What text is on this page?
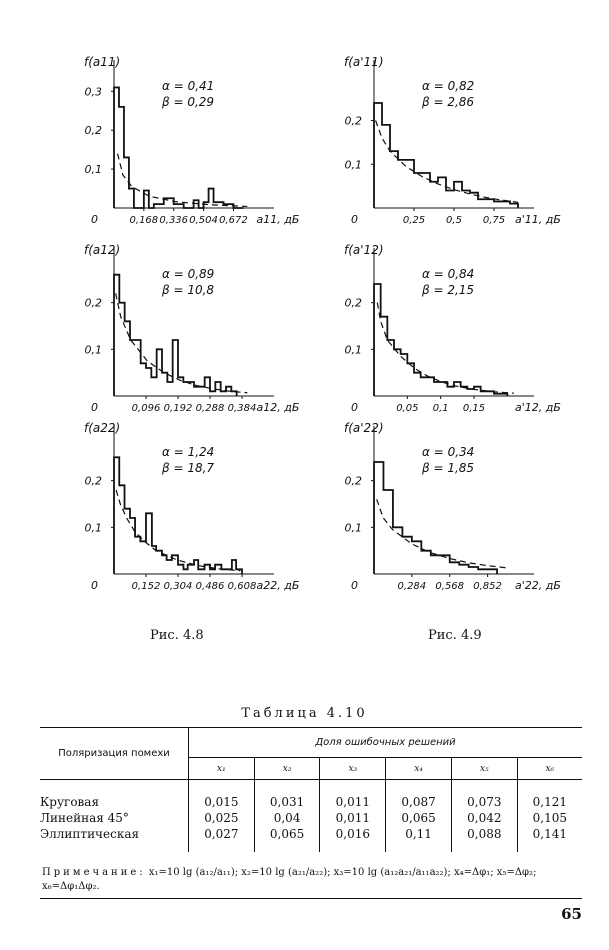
0,168 0,336 0,504 0,672
0,1
0,2
0,3
0	a11, дБ
f(a11)
α = 0,41
β = 0,29
0,25 0,5 0,75
0,1
0,2
0	a'11, дБ
f(a'11)
α = 0,82
β = 2,86
0,096 0,192 0,288 0,384
0,1
0,2
0	a12, дБ
f(a12)
α = 0,89
β = 10,8
0,05 0,1 0,15
0,1
0,2
0	a'12, дБ
f(a'12)
α = 0,84
β = 2,15
0,152 0,304 0,486 0,608
0,1
0,2
0	a22, дБ
f(a22)
α = 1,24
β = 18,7
0,284 0,568 0,852
0,1
0,2
0	a'22, дБ
f(a'22)
α = 0,34
β = 1,85
Рис. 4.8	Рис. 4.9
Таблица 4.10
Поляризация помехи	Доля ошибочных решений					
	x₁	x₂	x₃	x₄	x₅	x₆

Круговая	0,015	0,031	0,011	0,087	0,073	0,121
Линейная 45°	0,025	0,04	0,011	0,065	0,042	0,105
Эллиптическая	0,027	0,065	0,016	0,11	0,088	0,141

Примечание: x₁=10 lg (a₁₂/a₁₁); x₂=10 lg (a₂₁/a₂₂); x₃=10 lg (a₁₂a₂₁/a₁₁a₂₂); x₄=Δφ₁; x₅=Δφ₂; x₆=Δφ₁Δφ₂.
65
